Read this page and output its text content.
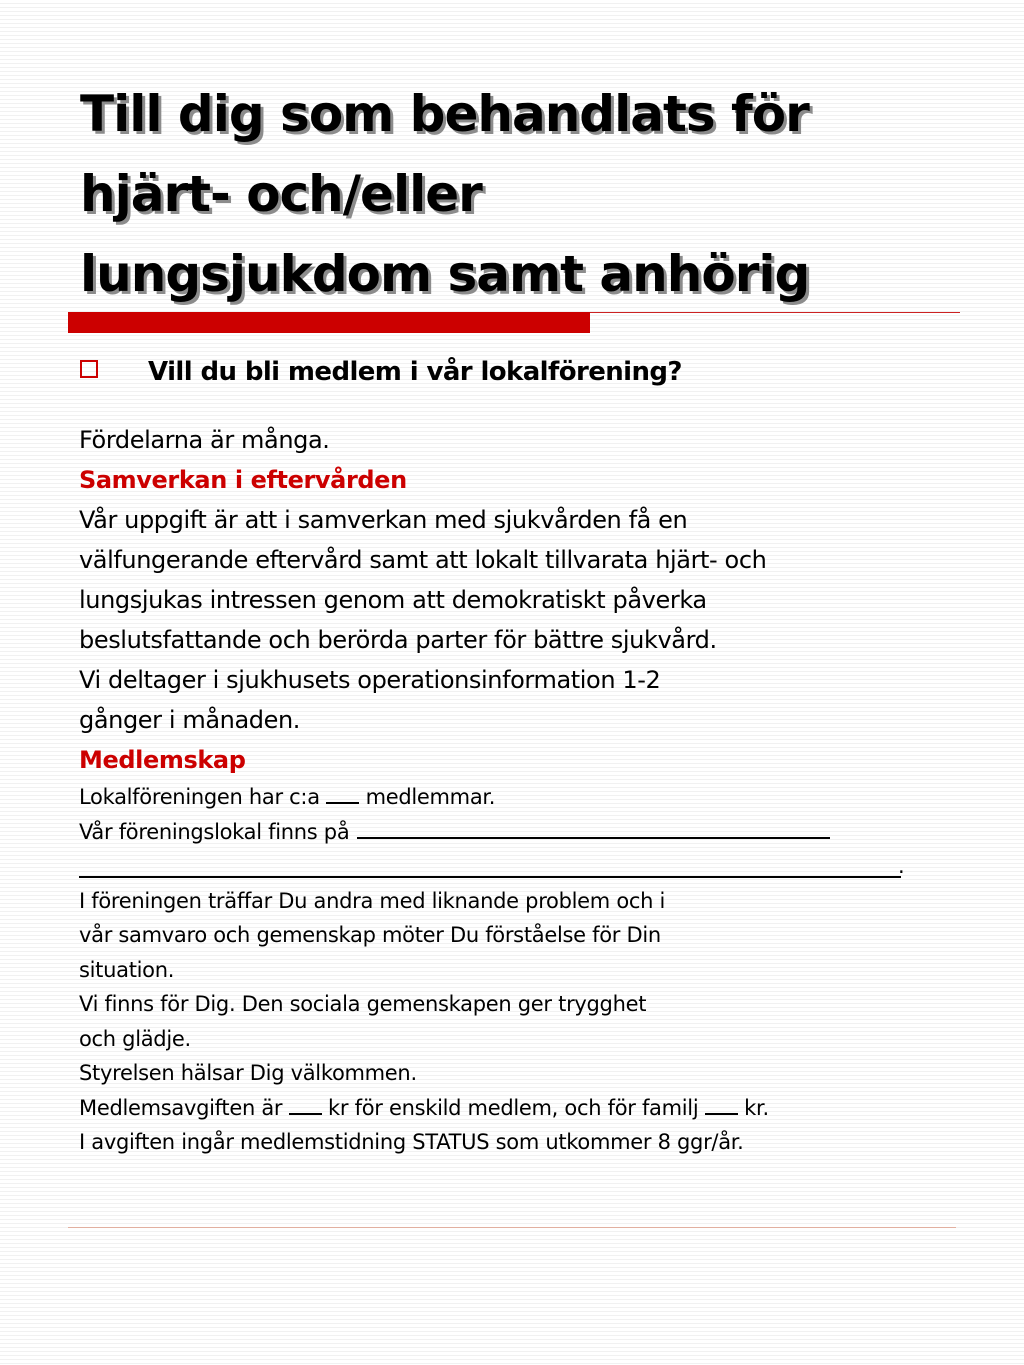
Till dig som behandlats för
hjärt- och/eller
lungsjukdom samt anhörig
Vill du bli medlem i vår lokalförening?
Fördelarna är många.
Samverkan i eftervården
Vår uppgift är att i samverkan med sjukvården få en
välfungerande eftervård samt att lokalt tillvarata hjärt- och
lungsjukas intressen genom att demokratiskt påverka
beslutsfattande och berörda parter för bättre sjukvård.
Vi deltager i sjukhusets operationsinformation 1-2
gånger i månaden.
Medlemskap
Lokalföreningen har c:a medlemmar.
Vår föreningslokal finns på
.
I föreningen träffar Du andra med liknande problem och i
vår samvaro och gemenskap möter Du förståelse för Din
situation.
Vi finns för Dig. Den sociala gemenskapen ger trygghet
och glädje.
Styrelsen hälsar Dig välkommen.
Medlemsavgiften är kr för enskild medlem, och för familj kr.
I avgiften ingår medlemstidning STATUS som utkommer 8 ggr/år.
